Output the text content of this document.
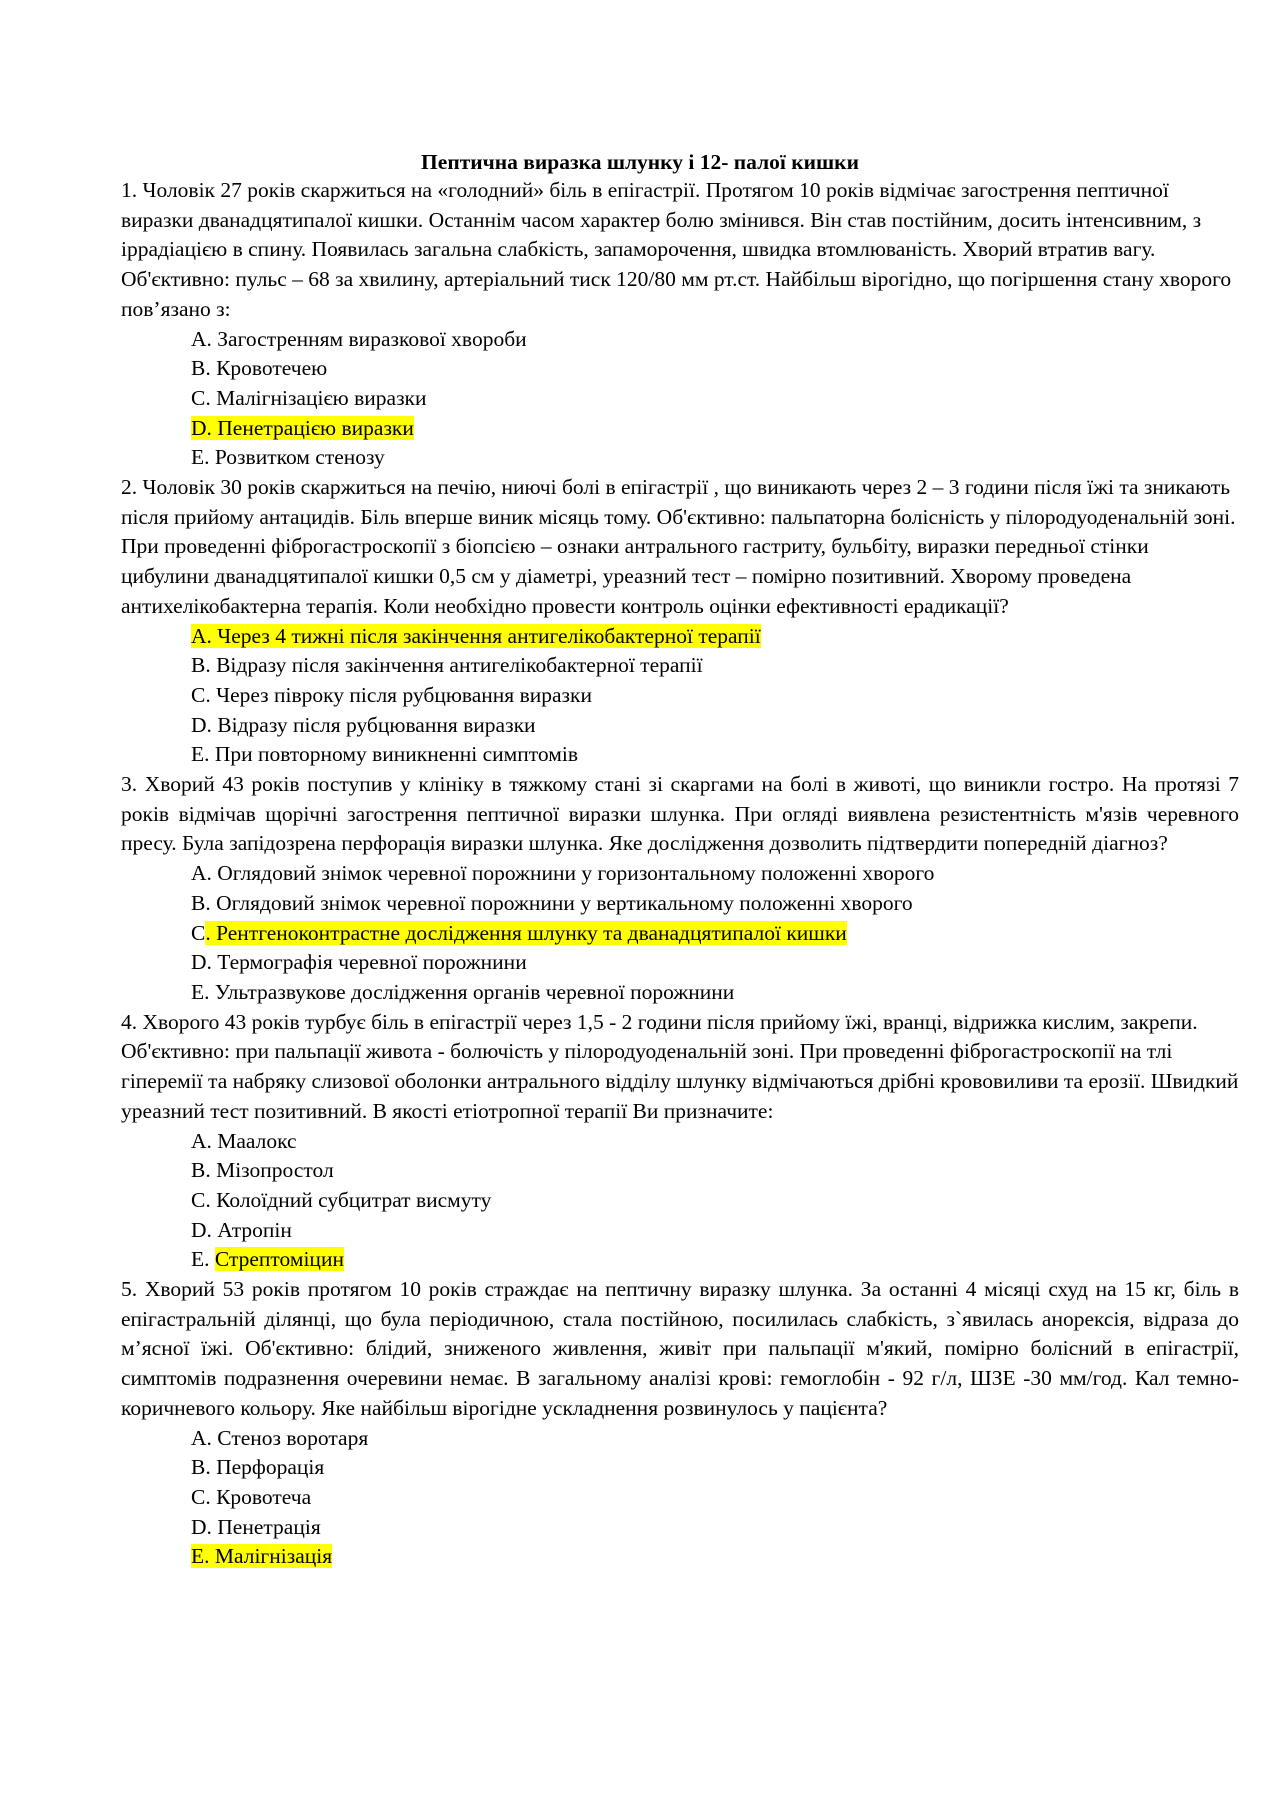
Пептична виразка шлунку і 12- палої кишки

1. Чоловік 27 років скаржиться на «голодний» біль в епігастрії. Протягом 10 років відмічає загострення пептичної виразки дванадцятипалої кишки. Останнім часом характер болю змінився. Він став постійним, досить інтенсивним, з іррадіацією в спину. Появилась загальна слабкість, запаморочення, швидка втомлюваність. Хворий втратив вагу. Об'єктивно: пульс – 68 за хвилину, артеріальний тиск 120/80 мм рт.ст. Найбільш вірогідно, що погіршення стану хворого пов’язано з:

A. Загостренням виразкової хвороби
B. Кровотечею
C. Малігнізацією виразки
D. Пенетрацією виразки
E. Розвитком стенозу

2. Чоловік 30 років скаржиться на печію, ниючі болі в епігастрії , що виникають через 2 – 3 години після їжі та зникають після прийому антацидів. Біль вперше виник місяць тому. Об'єктивно: пальпаторна болісність у пілородуоденальній зоні. При проведенні фіброгастроскопії з біопсією – ознаки антрального гастриту, бульбіту, виразки передньої стінки цибулини дванадцятипалої кишки 0,5 см у діаметрі, уреазний тест – помірно позитивний. Хворому проведена антихелікобактерна терапія. Коли необхідно провести контроль оцінки ефективності ерадикації?

A. Через 4 тижні після закінчення антигелікобактерної терапії
B. Відразу після закінчення антигелікобактерної терапії
C. Через півроку після рубцювання виразки
D. Відразу після рубцювання виразки
E. При повторному виникненні симптомів

3. Хворий 43 років поступив у клініку в тяжкому стані зі скаргами на болі в животі, що виникли гостро. На протязі 7 років відмічав щорічні загострення пептичної виразки шлунка. При огляді виявлена резистентність м'язів черевного пресу. Була запідозрена перфорація виразки шлунка. Яке дослідження дозволить підтвердити попередній діагноз?

A. Оглядовий знімок черевної порожнини у горизонтальному положенні хворого
B. Оглядовий знімок черевної порожнини у вертикальному положенні хворого
C. Рентгеноконтрастне дослідження шлунку та дванадцятипалої кишки
D. Термографія черевної порожнини
E. Ультразвукове дослідження органів черевної порожнини

4. Хворого 43 років турбує біль в епігастрії через 1,5 - 2 години після прийому їжі, вранці, відрижка кислим, закрепи. Об'єктивно: при пальпації живота - болючість у пілородуоденальній зоні. При проведенні фіброгастроскопії на тлі гіперемії та набряку слизової оболонки антрального відділу шлунку відмічаються дрібні крововиливи та ерозії. Швидкий уреазний тест позитивний. В якості етіотропної терапії Ви призначите:

A. Маалокс
B. Мізопростол
C. Колоїдний субцитрат висмуту
D. Атропін
E. Стрептоміцин

5. Хворий 53 років протягом 10 років страждає на пептичну виразку шлунка. За останні 4 місяці схуд на 15 кг, біль в епігастральній ділянці, що була періодичною, стала постійною, посилилась слабкість, з`явилась анорексія, відраза до м’ясної їжі. Об'єктивно: блідий, зниженого живлення, живіт при пальпації м'який, помірно болісний в епігастрії, симптомів подразнення очеревини немає. В загальному аналізі крові: гемоглобін - 92 г/л, ШЗЕ -30 мм/год. Кал темно-коричневого кольору. Яке найбільш вірогідне ускладнення розвинулось у пацієнта?

A. Стеноз воротаря
B. Перфорація
C. Кровотеча
D. Пенетрація
E. Малігнізація
